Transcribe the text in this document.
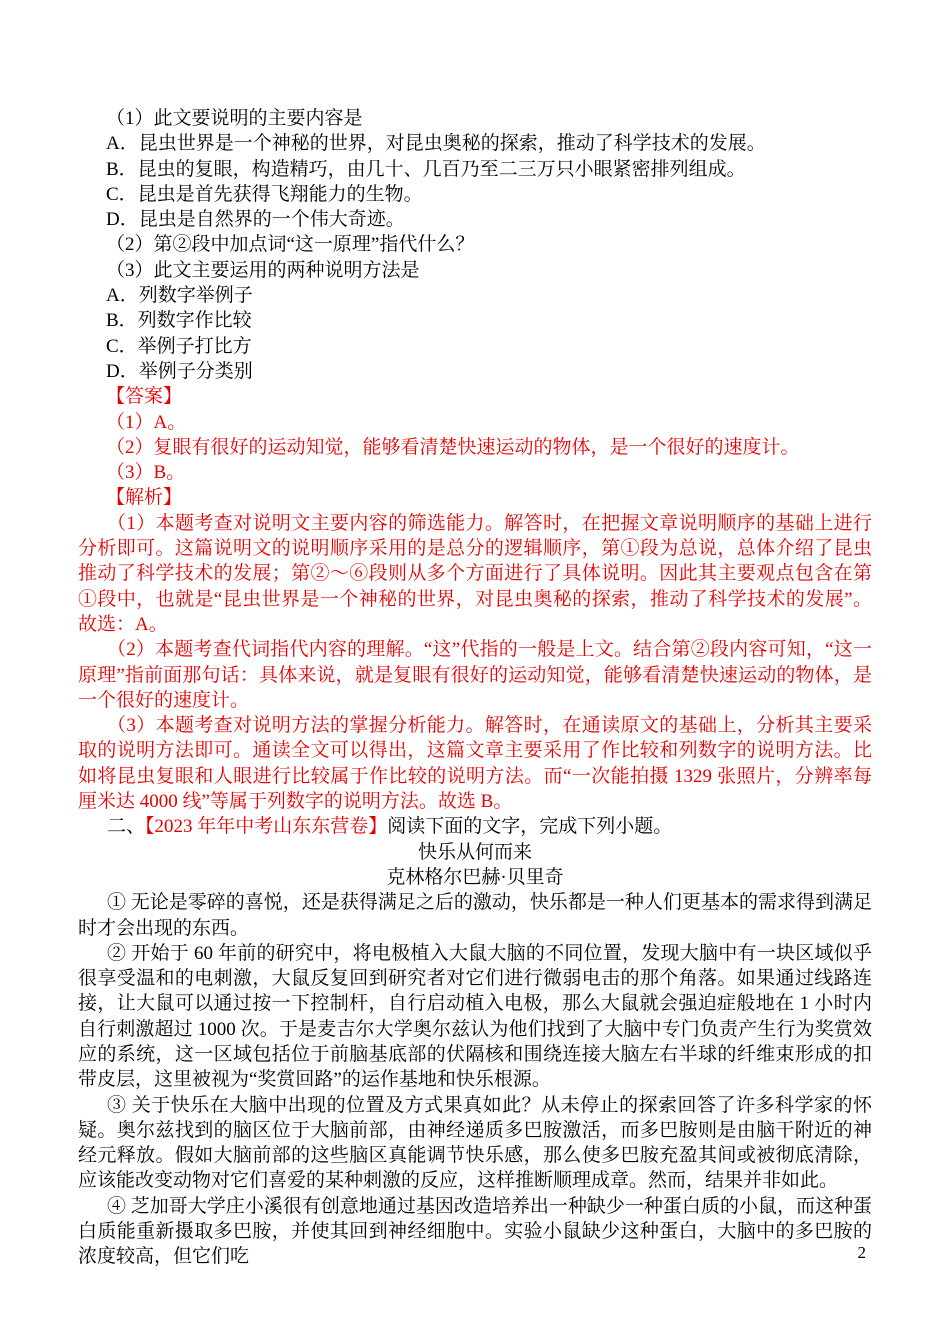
（1）此文要说明的主要内容是
A．昆虫世界是一个神秘的世界，对昆虫奥秘的探索，推动了科学技术的发展。
B．昆虫的复眼，构造精巧，由几十、几百乃至二三万只小眼紧密排列组成。
C．昆虫是首先获得飞翔能力的生物。
D．昆虫是自然界的一个伟大奇迹。
（2）第②段中加点词“这一原理”指代什么？
（3）此文主要运用的两种说明方法是
A．列数字举例子
B．列数字作比较
C．举例子打比方
D．举例子分类别
【答案】
（1）A。
（2）复眼有很好的运动知觉，能够看清楚快速运动的物体，是一个很好的速度计。
（3）B。
【解析】
（1）本题考查对说明文主要内容的筛选能力。解答时，在把握文章说明顺序的基础上进行分析即可。这篇说明文的说明顺序采用的是总分的逻辑顺序，第①段为总说，总体介绍了昆虫推动了科学技术的发展；第②～⑥段则从多个方面进行了具体说明。因此其主要观点包含在第①段中，也就是“昆虫世界是一个神秘的世界，对昆虫奥秘的探索，推动了科学技术的发展”。故选：A。
（2）本题考查代词指代内容的理解。“这”代指的一般是上文。结合第②段内容可知，“这一原理”指前面那句话：具体来说，就是复眼有很好的运动知觉，能够看清楚快速运动的物体，是一个很好的速度计。
（3）本题考查对说明方法的掌握分析能力。解答时，在通读原文的基础上，分析其主要采取的说明方法即可。通读全文可以得出，这篇文章主要采用了作比较和列数字的说明方法。比如将昆虫复眼和人眼进行比较属于作比较的说明方法。而“一次能拍摄 1329 张照片，分辨率每厘米达 4000 线”等属于列数字的说明方法。故选 B。
二、【2023 年年中考山东东营卷】阅读下面的文字，完成下列小题。
快乐从何而来
克林格尔巴赫·贝里奇
① 无论是零碎的喜悦，还是获得满足之后的激动，快乐都是一种人们更基本的需求得到满足时才会出现的东西。
② 开始于 60 年前的研究中，将电极植入大鼠大脑的不同位置，发现大脑中有一块区域似乎很享受温和的电刺激，大鼠反复回到研究者对它们进行微弱电击的那个角落。如果通过线路连接，让大鼠可以通过按一下控制杆，自行启动植入电极，那么大鼠就会强迫症般地在 1 小时内自行刺激超过 1000 次。于是麦吉尔大学奥尔兹认为他们找到了大脑中专门负责产生行为奖赏效应的系统，这一区域包括位于前脑基底部的伏隔核和围绕连接大脑左右半球的纤维束形成的扣带皮层，这里被视为“奖赏回路”的运作基地和快乐根源。
③ 关于快乐在大脑中出现的位置及方式果真如此？从未停止的探索回答了许多科学家的怀疑。奥尔兹找到的脑区位于大脑前部，由神经递质多巴胺激活，而多巴胺则是由脑干附近的神经元释放。假如大脑前部的这些脑区真能调节快乐感，那么使多巴胺充盈其间或被彻底清除，应该能改变动物对它们喜爱的某种刺激的反应，这样推断顺理成章。然而，结果并非如此。
④ 芝加哥大学庄小溪很有创意地通过基因改造培养出一种缺少一种蛋白质的小鼠，而这种蛋白质能重新摄取多巴胺，并使其回到神经细胞中。实验小鼠缺少这种蛋白，大脑中的多巴胺的浓度较高，但它们吃	2
